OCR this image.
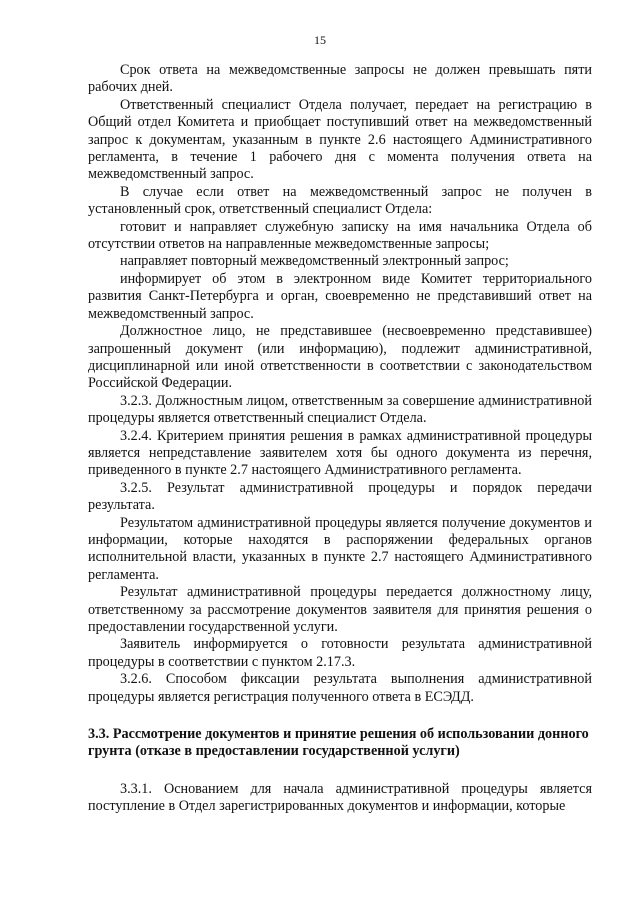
15

Срок ответа на межведомственные запросы не должен превышать пяти рабочих дней.

Ответственный специалист Отдела получает, передает на регистрацию в Общий отдел Комитета и приобщает поступивший ответ на межведомственный запрос к документам, указанным в пункте 2.6 настоящего Административного регламента, в течение 1 рабочего дня с момента получения ответа на межведомственный запрос.

В случае если ответ на межведомственный запрос не получен в установленный срок, ответственный специалист Отдела:

готовит и направляет служебную записку на имя начальника Отдела об отсутствии ответов на направленные межведомственные запросы;

направляет повторный межведомственный электронный запрос;

информирует об этом в электронном виде Комитет территориального развития Санкт-Петербурга и орган, своевременно не представивший ответ на межведомственный запрос.

Должностное лицо, не представившее (несвоевременно представившее) запрошенный документ (или информацию), подлежит административной, дисциплинарной или иной ответственности в соответствии с законодательством Российской Федерации.

3.2.3. Должностным лицом, ответственным за совершение административной процедуры является ответственный специалист Отдела.

3.2.4. Критерием принятия решения в рамках административной процедуры является непредставление заявителем хотя бы одного документа из перечня, приведенного в пункте 2.7 настоящего Административного регламента.

3.2.5. Результат административной процедуры и порядок передачи результата.

Результатом административной процедуры является получение документов и информации, которые находятся в распоряжении федеральных органов исполнительной власти, указанных в пункте 2.7 настоящего Административного регламента.

Результат административной процедуры передается должностному лицу, ответственному за рассмотрение документов заявителя для принятия решения о предоставлении государственной услуги.

Заявитель информируется о готовности результата административной процедуры в соответствии с пунктом 2.17.3.

3.2.6. Способом фиксации результата выполнения административной процедуры является регистрация полученного ответа в ЕСЭДД.

3.3. Рассмотрение документов и принятие решения об использовании донного грунта (отказе в предоставлении государственной услуги)

3.3.1. Основанием для начала административной процедуры является поступление в Отдел зарегистрированных документов и информации, которые
